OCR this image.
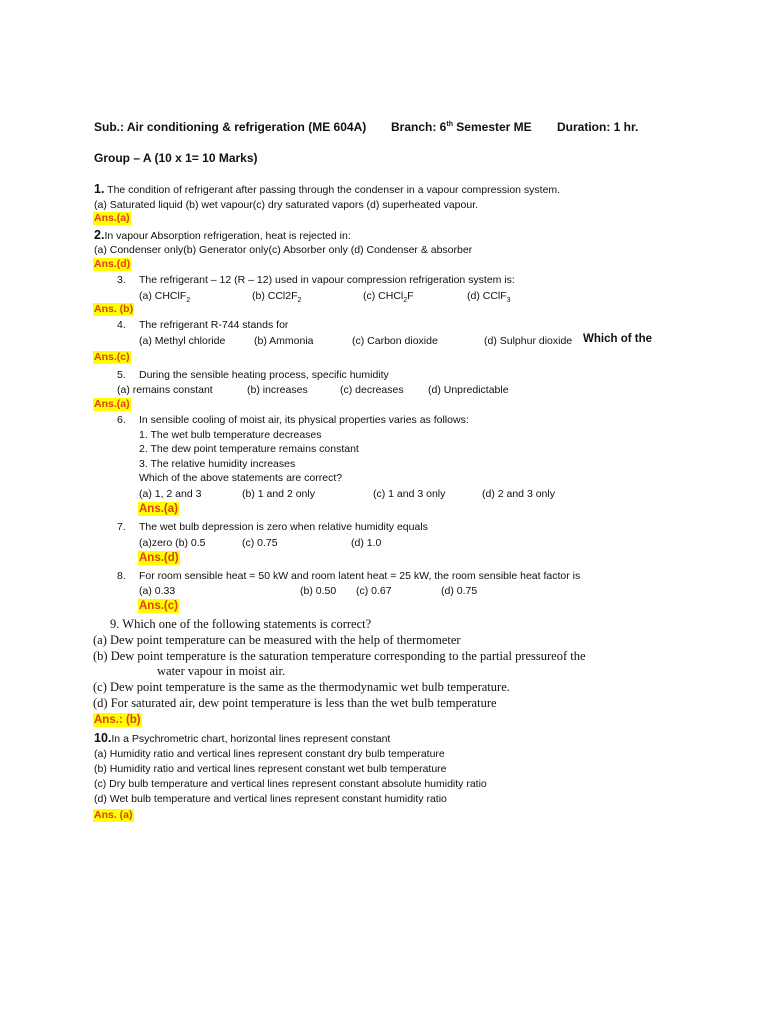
Sub.: Air conditioning & refrigeration (ME 604A) Branch: 6th Semester ME Duration: 1 hr.
Group – A (10 x 1= 10 Marks)
1. The condition of refrigerant after passing through the condenser in a vapour compression system.
(a) Saturated liquid (b) wet vapour(c) dry saturated vapors (d) superheated vapour.
Ans.(a)
2.In vapour Absorption refrigeration, heat is rejected in:
(a) Condenser only(b) Generator only(c) Absorber only (d) Condenser & absorber
Ans.(d)
3. The refrigerant – 12 (R – 12) used in vapour compression refrigeration system is:
(a) CHClF$_2$	(b) $CCl2F_2$	(c) CHCl$_2$F	(d) CClF$_3$
Ans. (b)
4. The refrigerant R-744 stands for
(a) Methyl chloride	(b) Ammonia	(c) Carbon dioxide	(d) Sulphur dioxide Which of the
Ans.(c)
5. During the sensible heating process, specific humidity
(a) remains constant	(b) increases	(c) decreases (d) Unpredictable
Ans.(a)
6. In sensible cooling of moist air, its physical properties varies as follows:
1. The wet bulb temperature decreases
2. The dew point temperature remains constant
3. The relative humidity increases
Which of the above statements are correct?
(a) 1, 2 and 3	(b) 1 and 2 only	(c) 1 and 3 only	(d) 2 and 3 only
Ans.(a)
7. The wet bulb depression is zero when relative humidity equals
(a)zero (b) 0.5	(c) 0.75	(d) 1.0
Ans.(d)
8. For room sensible heat = 50 kW and room latent heat = 25 kW, the room sensible heat factor is
(a) 0.33	(b) 0.50 (c) 0.67	(d) 0.75
Ans.(c)
9. Which one of the following statements is correct?
(a) Dew point temperature can be measured with the help of thermometer
(b) Dew point temperature is the saturation temperature corresponding to the partial pressureof the
water vapour in moist air.
(c) Dew point temperature is the same as the thermodynamic wet bulb temperature.
(d) For saturated air, dew point temperature is less than the wet bulb temperature
Ans.: (b)
10.In a Psychrometric chart, horizontal lines represent constant
(a) Humidity ratio and vertical lines represent constant dry bulb temperature
(b) Humidity ratio and vertical lines represent constant wet bulb temperature
(c) Dry bulb temperature and vertical lines represent constant absolute humidity ratio
(d) Wet bulb temperature and vertical lines represent constant humidity ratio
Ans. (a)
